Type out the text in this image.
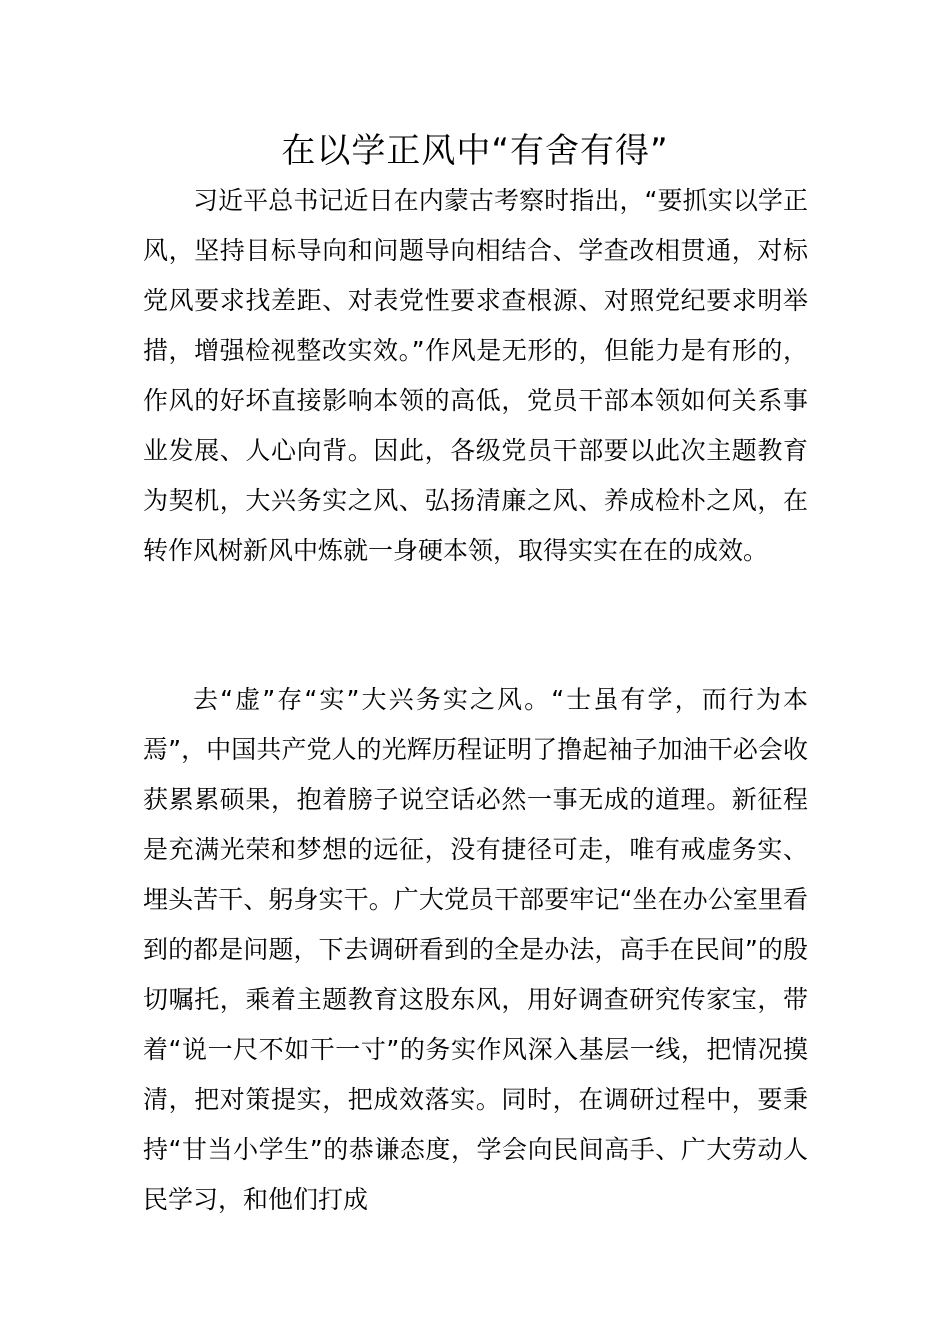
在以学正风中“有舍有得”

习近平总书记近日在内蒙古考察时指出，“要抓实以学正风，坚持目标导向和问题导向相结合、学查改相贯通，对标党风要求找差距、对表党性要求查根源、对照党纪要求明举措，增强检视整改实效。”作风是无形的，但能力是有形的，作风的好坏直接影响本领的高低，党员干部本领如何关系事业发展、人心向背。因此，各级党员干部要以此次主题教育为契机，大兴务实之风、弘扬清廉之风、养成检朴之风，在转作风树新风中炼就一身硬本领，取得实实在在的成效。

去“虚”存“实”大兴务实之风。“士虽有学，而行为本焉”，中国共产党人的光辉历程证明了撸起袖子加油干必会收获累累硕果，抱着膀子说空话必然一事无成的道理。新征程是充满光荣和梦想的远征，没有捷径可走，唯有戒虚务实、埋头苦干、躬身实干。广大党员干部要牢记“坐在办公室里看到的都是问题，下去调研看到的全是办法，高手在民间”的殷切嘱托，乘着主题教育这股东风，用好调查研究传家宝，带着“说一尺不如干一寸”的务实作风深入基层一线，把情况摸清，把对策提实，把成效落实。同时，在调研过程中，要秉持“甘当小学生”的恭谦态度，学会向民间高手、广大劳动人民学习，和他们打成
